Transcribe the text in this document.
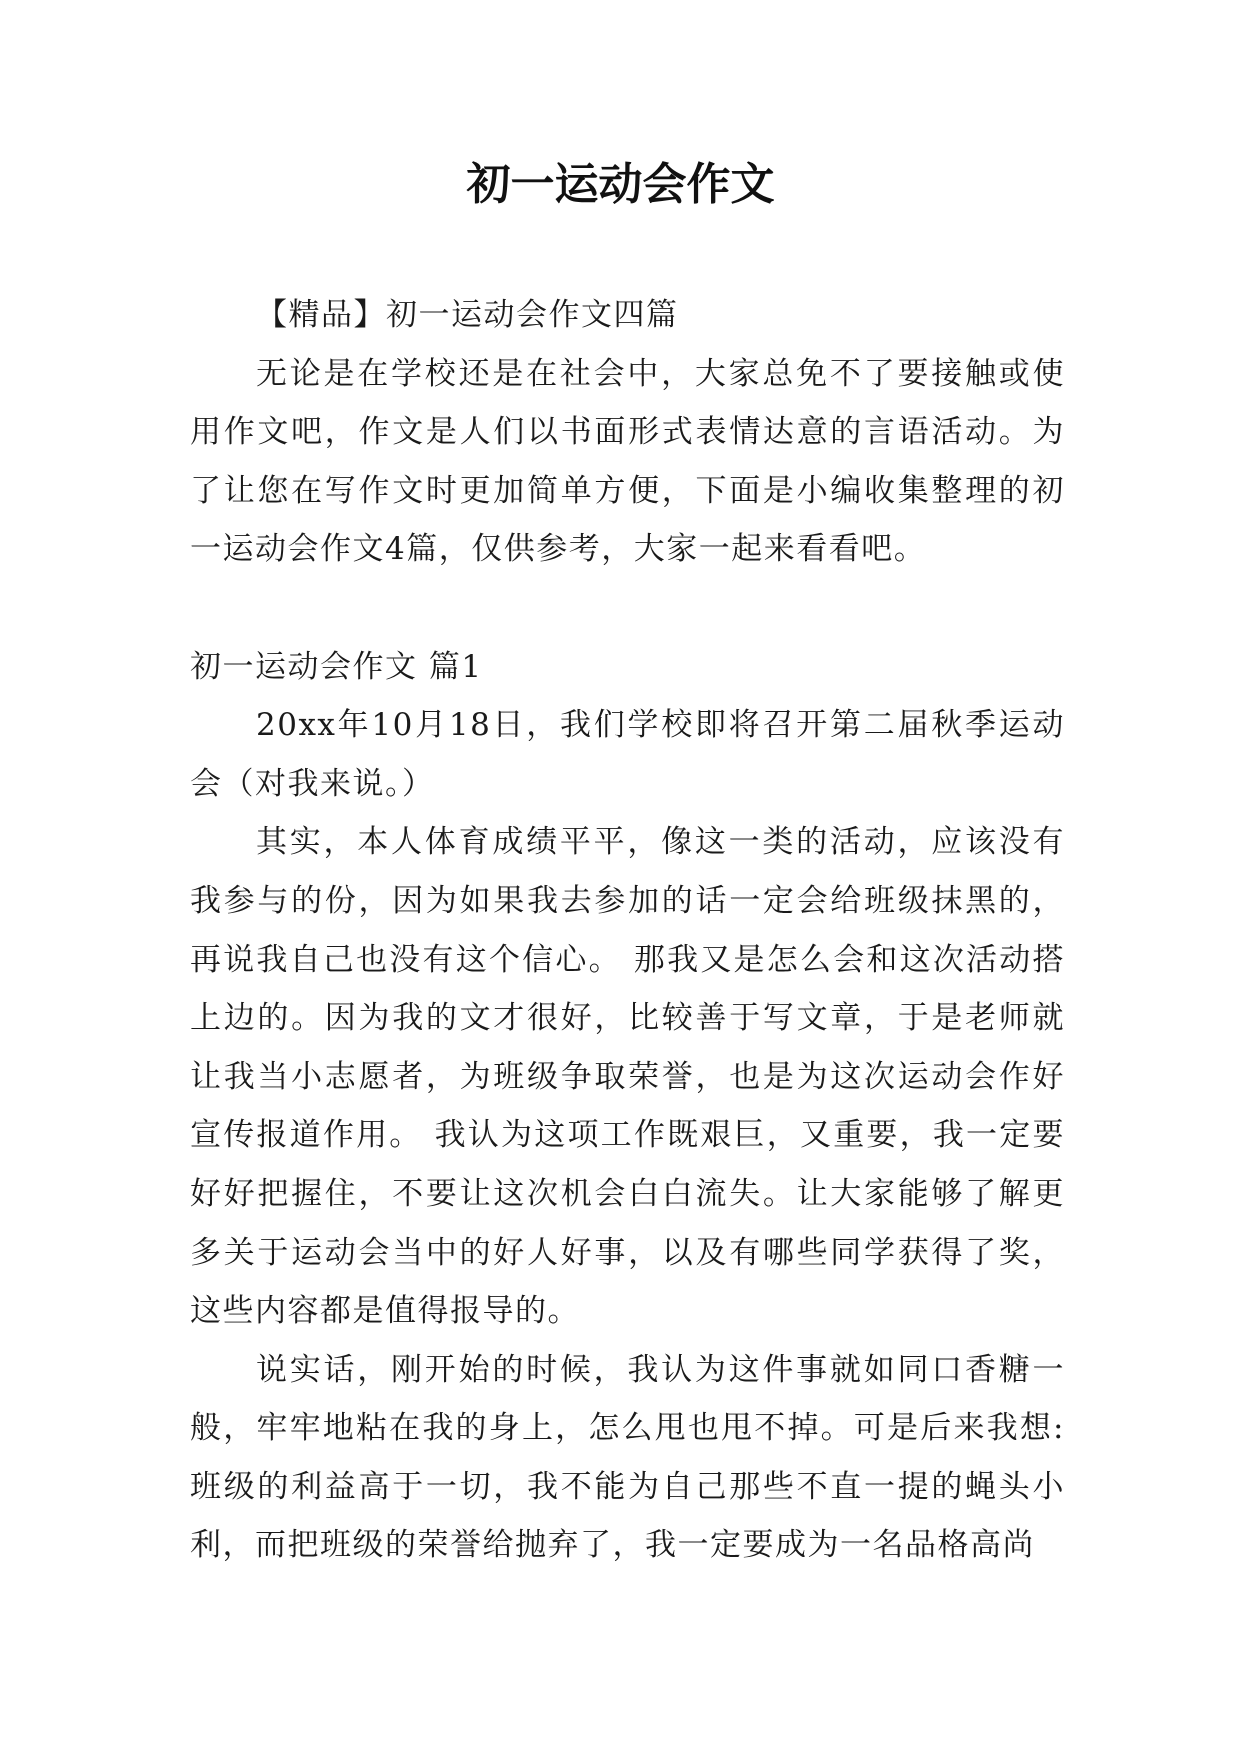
初一运动会作文

【精品】初一运动会作文四篇

无论是在学校还是在社会中，大家总免不了要接触或使用作文吧，作文是人们以书面形式表情达意的言语活动。为了让您在写作文时更加简单方便，下面是小编收集整理的初一运动会作文4篇，仅供参考，大家一起来看看吧。

初一运动会作文 篇1

20xx年10月18日，我们学校即将召开第二届秋季运动会（对我来说。）

其实，本人体育成绩平平，像这一类的活动，应该没有我参与的份，因为如果我去参加的话一定会给班级抹黑的，再说我自己也没有这个信心。 那我又是怎么会和这次活动搭上边的。因为我的文才很好，比较善于写文章，于是老师就让我当小志愿者，为班级争取荣誉，也是为这次运动会作好宣传报道作用。 我认为这项工作既艰巨，又重要，我一定要好好把握住，不要让这次机会白白流失。让大家能够了解更多关于运动会当中的好人好事，以及有哪些同学获得了奖，这些内容都是值得报导的。

说实话，刚开始的时候，我认为这件事就如同口香糖一般，牢牢地粘在我的身上，怎么甩也甩不掉。可是后来我想:班级的利益高于一切，我不能为自己那些不直一提的蝇头小利，而把班级的荣誉给抛弃了，我一定要成为一名品格高尚
